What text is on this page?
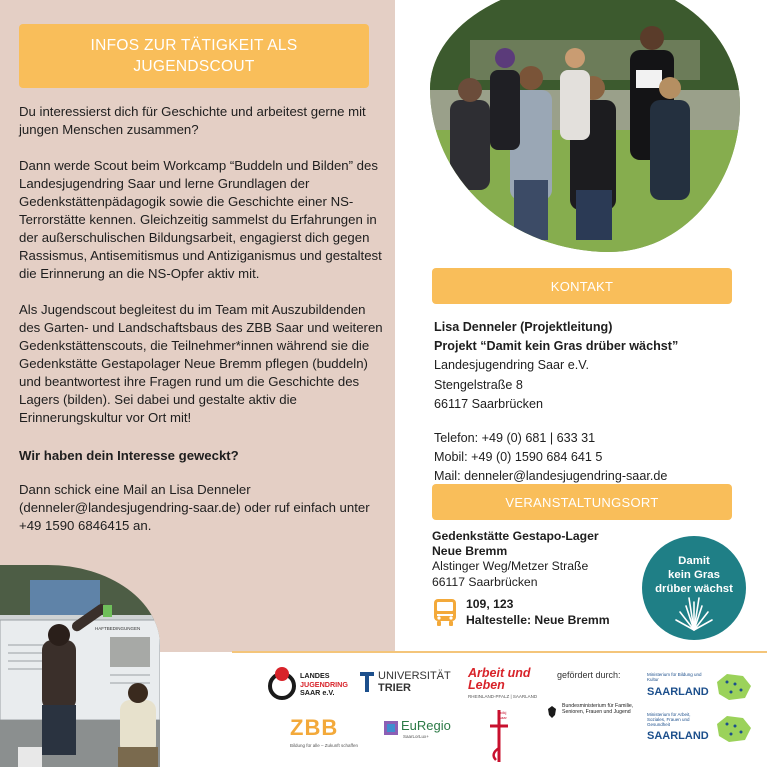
INFOS ZUR TÄTIGKEIT ALS JUGENDSCOUT

Du interessierst dich für Geschichte und arbeitest gerne mit jungen Menschen zusammen?

Dann werde Scout beim Workcamp “Buddeln und Bilden” des Landesjugendring Saar und lerne Grundlagen der Gedenkstättenpädagogik sowie die Geschichte einer NS-Terrorstätte kennen. Gleichzeitig sammelst du Erfahrungen in der außerschulischen Bildungsarbeit, engagierst dich gegen Rassismus, Antisemitismus und Antiziganismus und gestaltest die Erinnerung an die NS-Opfer aktiv mit.

Als Jugendscout begleitest du im Team mit Auszubildenden des Garten- und Landschaftsbaus des ZBB Saar und weiteren Gedenkstättenscouts, die Teilnehmer*innen während sie die Gedenkstätte Gestapolager Neue Bremm pflegen (buddeln) und beantwortest ihre Fragen rund um die Geschichte des Lagers (bilden). Sei dabei und gestalte aktiv die Erinnerungskultur vor Ort mit!

Wir haben dein Interesse geweckt?

Dann schick eine Mail an Lisa Denneler (denneler@landesjugendring-saar.de) oder ruf einfach unter +49 1590 6846415 an.

HAFTBEDINGUNGEN
KONTAKT
Lisa Denneler (Projektleitung)
Projekt “Damit kein Gras drüber wächst”
Landesjugendring Saar e.V.
Stengelstraße 8
66117 Saarbrücken
Telefon: +49 (0) 681 | 633 31
Mobil: +49 (0) 1590 684 641 5
Mail: denneler@landesjugendring-saar.de
VERANSTALTUNGSORT
Gedenkstätte Gestapo-Lager
Neue Bremm
Alstinger Weg/Metzer Straße
66117 Saarbrücken
109, 123
Haltestelle: Neue Bremm
Damit
kein Gras
drüber wächst
LANDES
JUGENDRING
SAAR e.V.
UNIVERSITÄT
TRIER
Arbeit und
Leben
RHEINLAND-PFALZ | SAARLAND
gefördert durch:	Ministerium für Bildung und Kultur
SAARLAND
ZBB
Bildung für alle – Zukunft schaffen
EuRegio
SaarLorLux+
bdkj saar
Bundesministerium für Familie, Senioren, Frauen und Jugend	Ministerium für Arbeit, Soziales, Frauen und Gesundheit
SAARLAND
